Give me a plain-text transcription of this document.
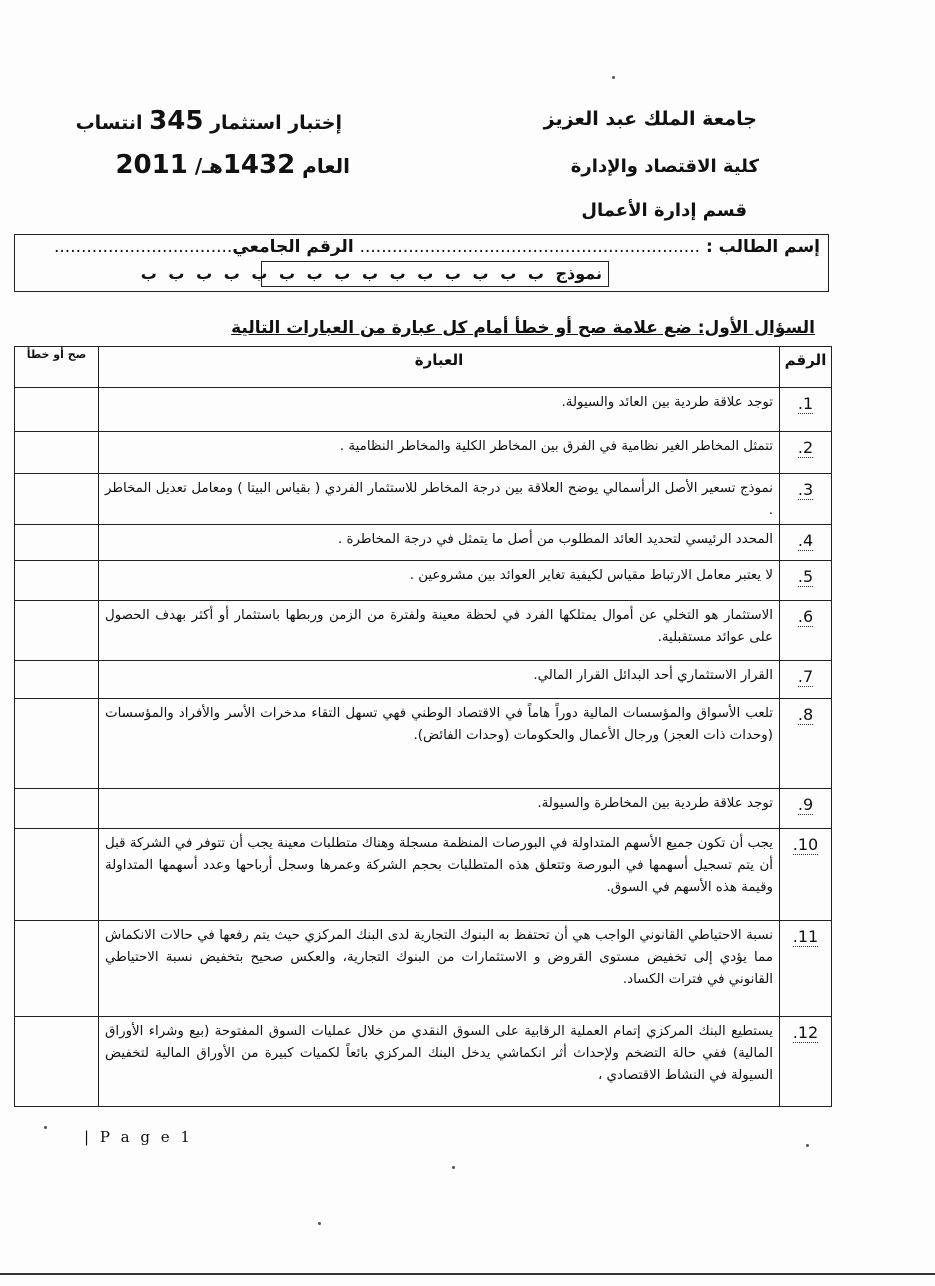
جامعة الملك عبد العزيز
كلية الاقتصاد والإدارة
قسم إدارة الأعمال
إختبار استثمار 345 انتساب
العام 1432هـ/ 2011
إسم الطالب : ............................................................... الرقم الجامعي.................................
نموذج ب ب ب ب ب ب ب ب ب ب ب ب ب ب ب
السؤال الأول: ضع علامة صح أو خطأ أمام كل عبارة من العبارات التالية
الرقم	العبارة	صح أو خطأ
1.	توجد علاقة طردية بين العائد والسيولة.	
2.	تتمثل المخاطر الغير نظامية في الفرق بين المخاطر الكلية والمخاطر النظامية .	
3.	نموذج تسعير الأصل الرأسمالي يوضح العلاقة بين درجة المخاطر للاستثمار الفردي ( بقياس البيتا ) ومعامل تعديل المخاطر .	
4.	المحدد الرئيسي لتحديد العائد المطلوب من أصل ما يتمثل في درجة المخاطرة .	
5.	لا يعتبر معامل الارتباط مقياس لكيفية تغاير العوائد بين مشروعين .	
6.	الاستثمار هو التخلي عن أموال يمتلكها الفرد في لحظة معينة ولفترة من الزمن وربطها باستثمار أو أكثر بهدف الحصول على عوائد مستقبلية.	
7.	القرار الاستثماري أحد البدائل القرار المالي.	
8.	تلعب الأسواق والمؤسسات المالية دوراً هاماً في الاقتصاد الوطني فهي تسهل التقاء مدخرات الأسر والأفراد والمؤسسات (وحدات ذات العجز) ورجال الأعمال والحكومات (وحدات الفائض).	
9.	توجد علاقة طردية بين المخاطرة والسيولة.	
10.	يجب أن تكون جميع الأسهم المتداولة في البورصات المنظمة مسجلة وهناك متطلبات معينة يجب أن تتوفر في الشركة قبل أن يتم تسجيل أسهمها في البورصة وتتعلق هذه المتطلبات بحجم الشركة وعمرها وسجل أرباحها وعدد أسهمها المتداولة وقيمة هذه الأسهم في السوق.	
11.	نسبة الاحتياطي القانوني الواجب هي أن تحتفظ به البنوك التجارية لدى البنك المركزي حيث يتم رفعها في حالات الانكماش مما يؤدي إلى تخفيض مستوى القروض و الاستثمارات من البنوك التجارية، والعكس صحيح بتخفيض نسبة الاحتياطي القانوني في فترات الكساد.	
12.	يستطيع البنك المركزي إتمام العملية الرقابية على السوق النقدي من خلال عمليات السوق المفتوحة (بيع وشراء الأوراق المالية) ففي حالة التضخم ولإحداث أثر انكماشي يدخل البنك المركزي بائعاً لكميات كبيرة من الأوراق المالية لتخفيض السيولة في النشاط الاقتصادي ،	
| P a g e 1
